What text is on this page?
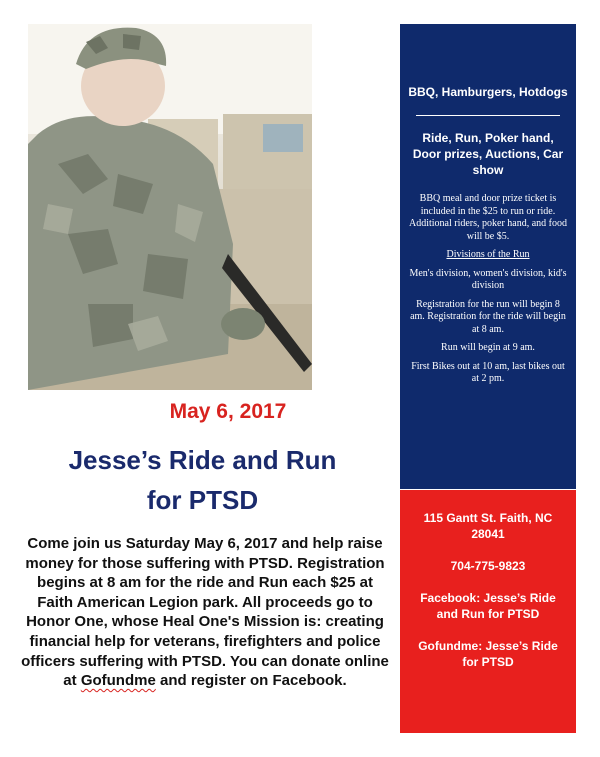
May 6, 2017
Jesse’s Ride and Run
for PTSD

Come join us Saturday May 6, 2017 and help raise money for those suffering with PTSD. Registration begins at 8 am for the ride and Run each $25 at Faith American Legion park. All proceeds go to Honor One, whose Heal One's Mission is: creating financial help for veterans, firefighters and police officers suffering with PTSD. You can donate online at Gofundme and register on Facebook.

BBQ, Hamburgers, Hotdogs

Ride, Run, Poker hand, Door prizes, Auctions, Car show

BBQ meal and door prize ticket is included in the $25 to run or ride. Additional riders, poker hand, and food will be $5.

Divisions of the Run

Men's division, women's division, kid's division

Registration for the run will begin 8 am. Registration for the ride will begin at 8 am.

Run will begin at 9 am.

First Bikes out at 10 am, last bikes out at 2 pm.

115 Gantt St. Faith, NC 28041

704-775-9823

Facebook: Jesse’s Ride and Run for PTSD

Gofundme: Jesse’s Ride for PTSD
